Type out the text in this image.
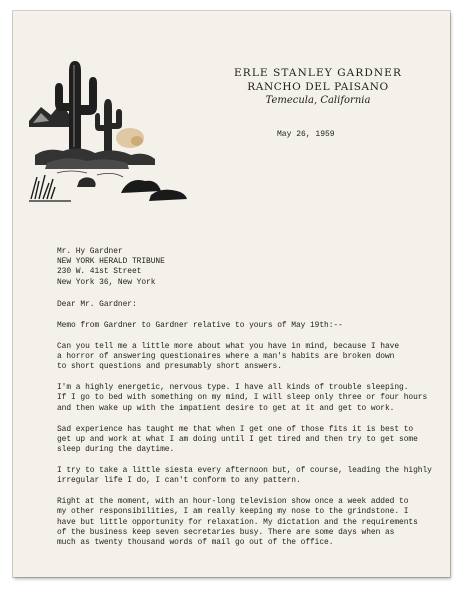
ERLE STANLEY GARDNER
RANCHO DEL PAISANO
Temecula, California
May 26, 1959

Mr. Hy Gardner

NEW YORK HERALD TRIBUNE

230 W. 41st Street

New York 36, New York

Dear Mr. Gardner:

Memo from Gardner to Gardner relative to yours of May 19th:--

Can you tell me a little more about what you have in mind, because I have
a horror of answering questionaires where a man's habits are broken down
to short questions and presumably short answers.

I'm a highly energetic, nervous type. I have all kinds of trouble sleeping.
If I go to bed with something on my mind, I will sleep only three or four hours
and then wake up with the impatient desire to get at it and get to work.

Sad experience has taught me that when I get one of those fits it is best to
get up and work at what I am doing until I get tired and then try to get some
sleep during the daytime.

I try to take a little siesta every afternoon but, of course, leading the highly
irregular life I do, I can't conform to any pattern.

Right at the moment, with an hour-long television show once a week added to
my other responsibilities, I am really keeping my nose to the grindstone. I
have but little opportunity for relaxation. My dictation and the requirements
of the business keep seven secretaries busy. There are some days when as
much as twenty thousand words of mail go out of the office.
